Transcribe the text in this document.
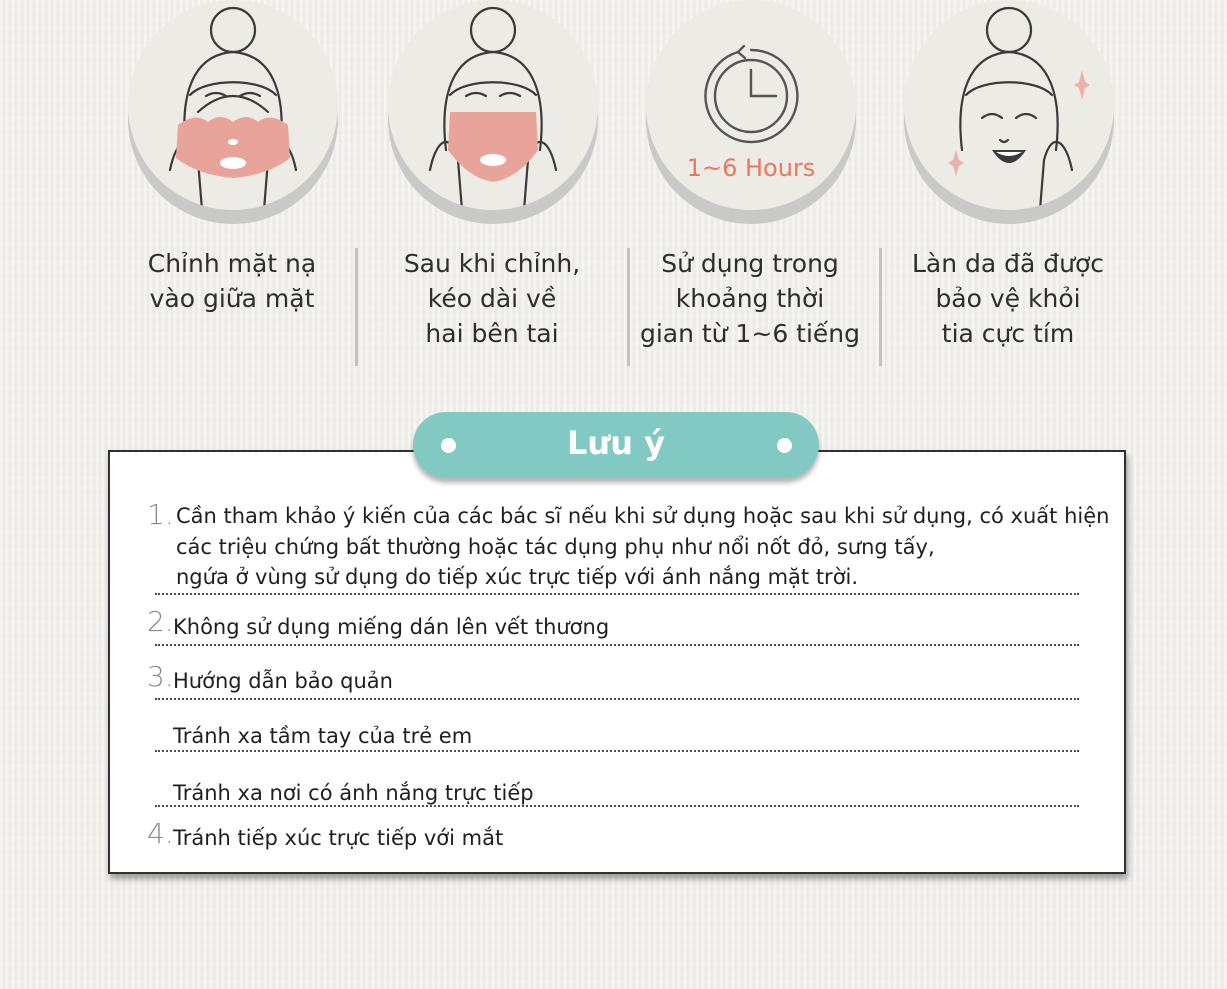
Chỉnh mặt nạ
vào giữa mặt
Sau khi chỉnh,
kéo dài về
hai bên tai
1~6 Hours
Sử dụng trong
khoảng thời
gian từ 1~6 tiếng
Làn da đã được
bảo vệ khỏi
tia cực tím
Lưu ý
1. Cần tham khảo ý kiến của các bác sĩ nếu khi sử dụng hoặc sau khi sử dụng, có xuất hiện
các triệu chứng bất thường hoặc tác dụng phụ như nổi nốt đỏ, sưng tấy,
ngứa ở vùng sử dụng do tiếp xúc trực tiếp với ánh nắng mặt trời.
2. Không sử dụng miếng dán lên vết thương
3. Hướng dẫn bảo quản
Tránh xa tầm tay của trẻ em
Tránh xa nơi có ánh nắng trực tiếp
4. Tránh tiếp xúc trực tiếp với mắt
